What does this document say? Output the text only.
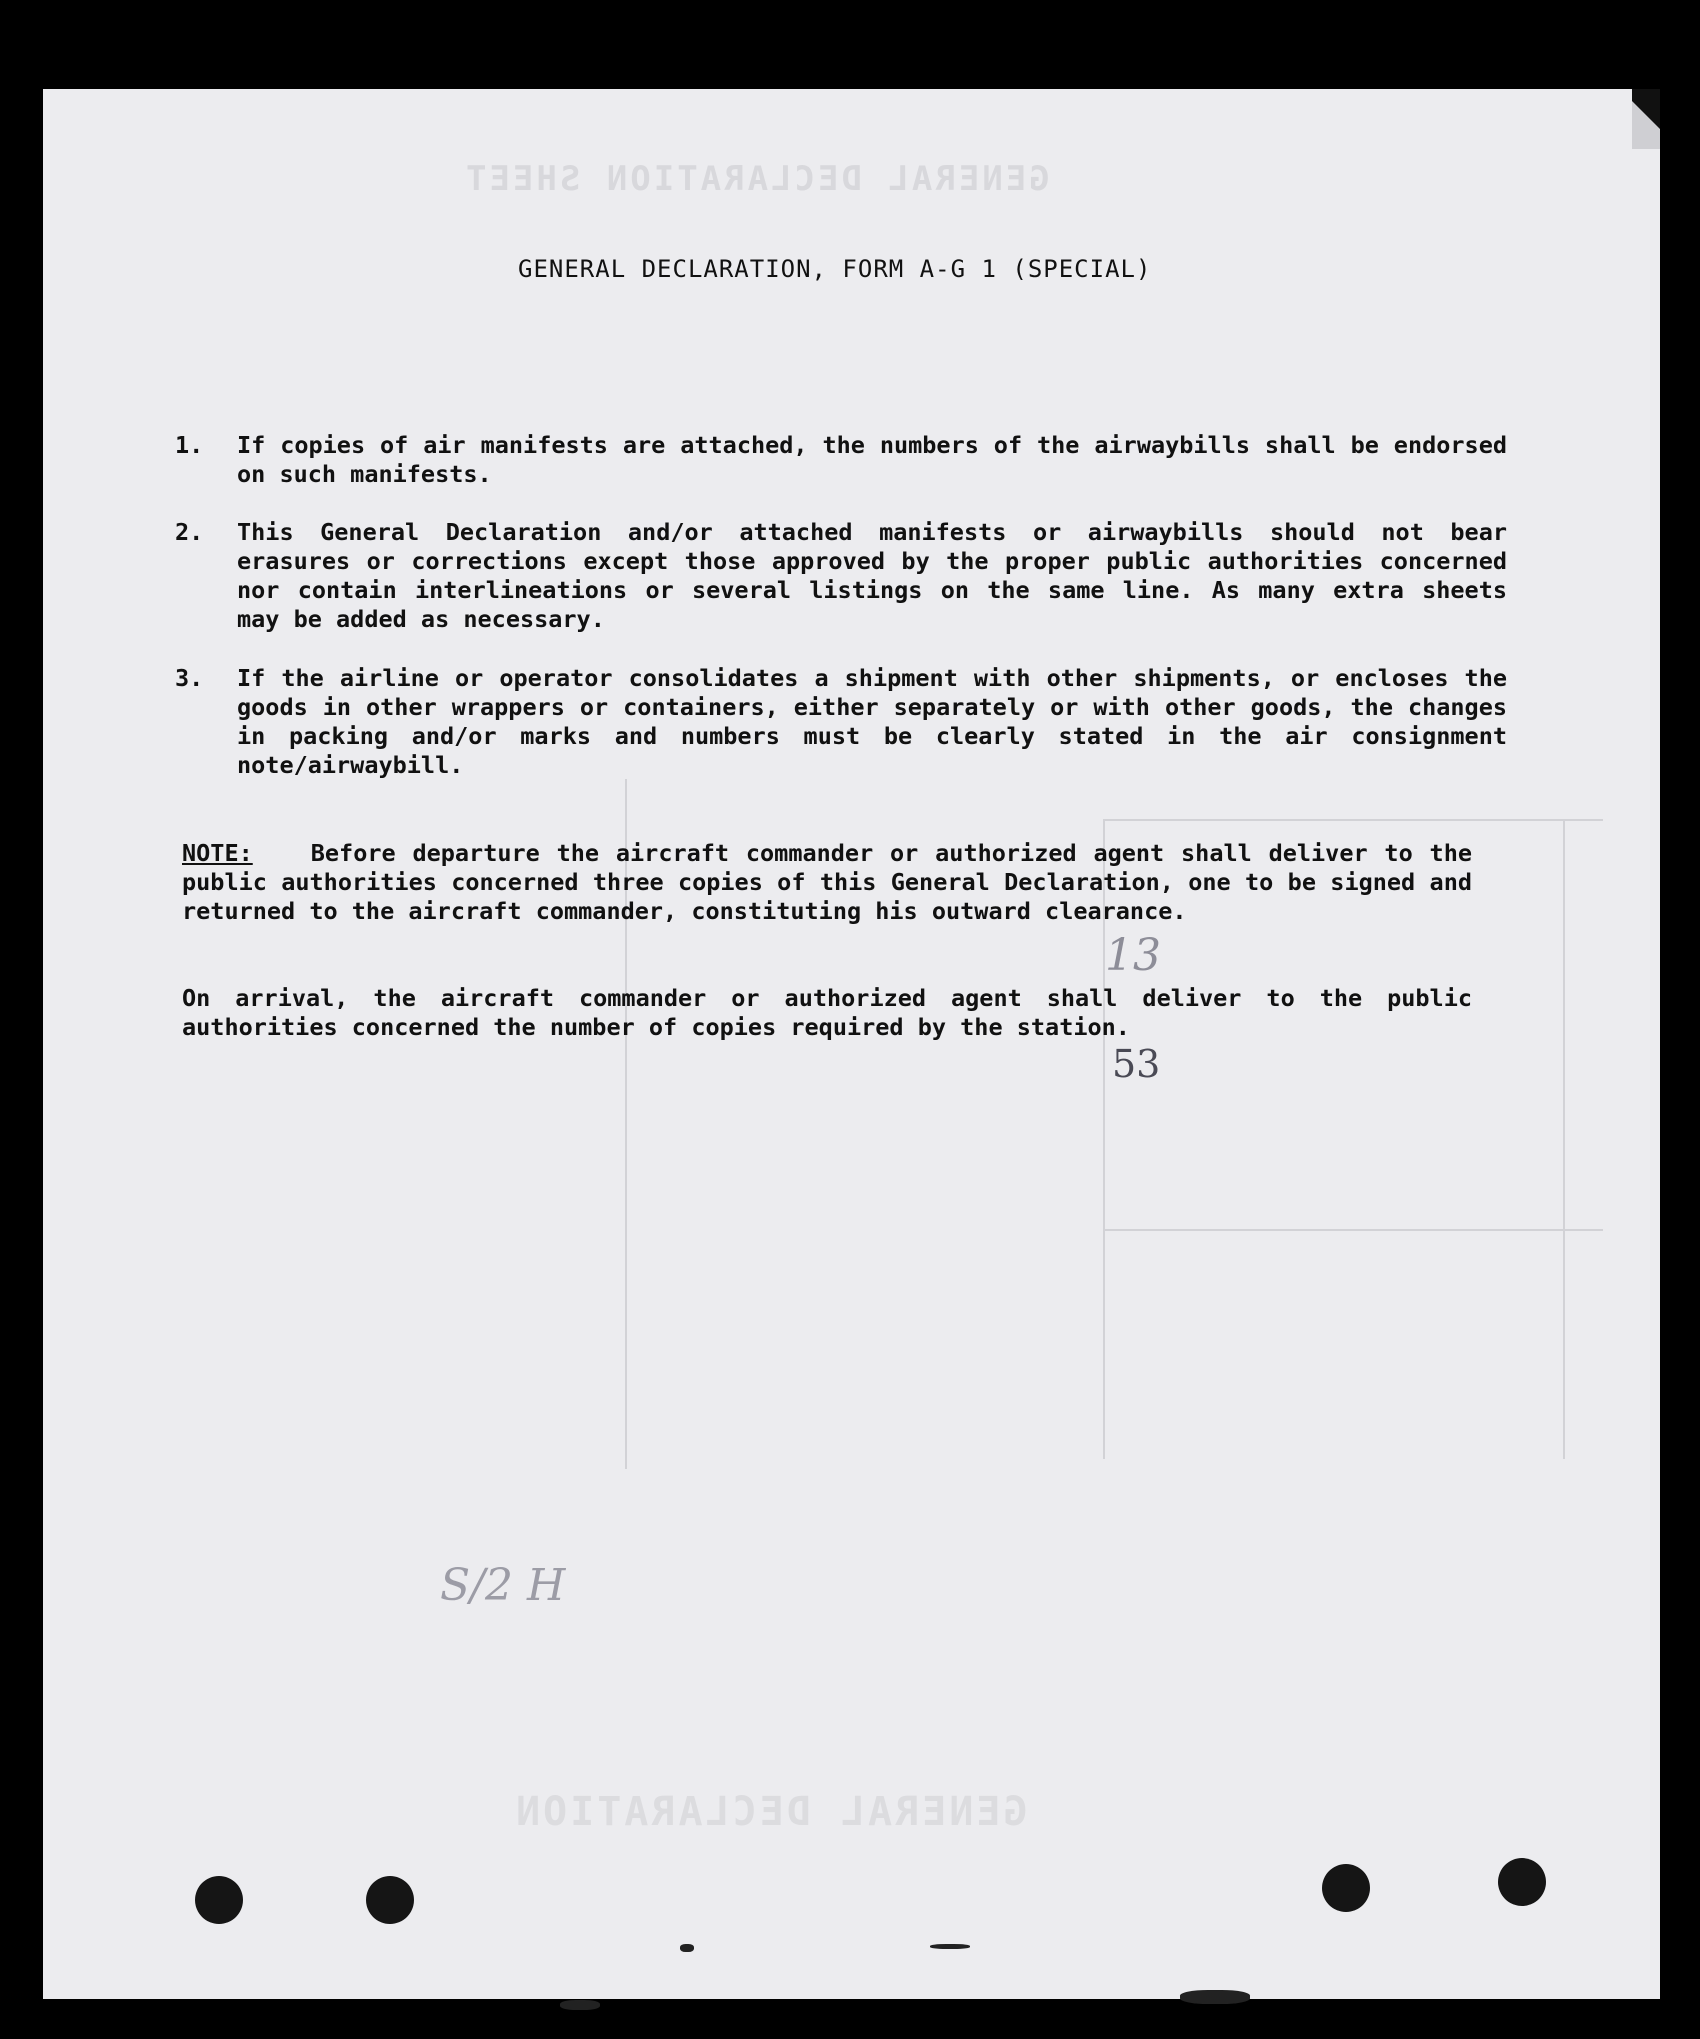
GENERAL DECLARATION SHEET
GENERAL DECLARATION
GENERAL DECLARATION, FORM A-G 1 (SPECIAL)
1.	If copies of air manifests are attached, the numbers of the airwaybills shall be endorsed on such manifests.
2.	This General Declaration and/or attached manifests or airwaybills should not bear erasures or corrections except those approved by the proper public authorities concerned nor contain interlineations or several listings on the same line. As many extra sheets may be added as necessary.
3.	If the airline or operator consolidates a shipment with other shipments, or encloses the goods in other wrappers or containers, either separately or with other goods, the changes in packing and/or marks and numbers must be clearly stated in the air consignment note/airwaybill.
NOTE: Before departure the aircraft commander or authorized agent shall deliver to the public authorities concerned three copies of this General Declaration, one to be signed and returned to the aircraft commander, constituting his outward clearance.
On arrival, the aircraft commander or authorized agent shall deliver to the public authorities concerned the number of copies required by the station.
13
53
S/2 H
